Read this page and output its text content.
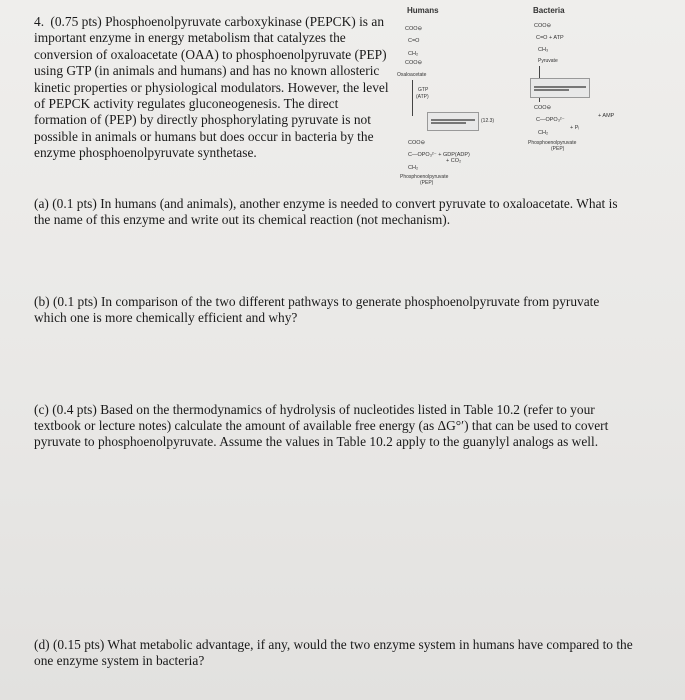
4. (0.75 pts) Phosphoenolpyruvate carboxykinase (PEPCK) is an important enzyme in energy metabolism that catalyzes the conversion of oxaloacetate (OAA) to phosphoenolpyruvate (PEP) using GTP (in animals and humans) and has no known allosteric kinetic properties or physiological modulators. However, the level of PEPCK activity regulates gluconeogenesis. The direct formation of (PEP) by directly phosphorylating pyruvate is not possible in animals or humans but does occur in bacteria by the enzyme phosphoenolpyruvate synthetase.
Humans
COO⊖
C=O
CH₂
COO⊖
Oxaloacetate
GTP
(ATP)
(12.3)
COO⊖
C—OPO₃²⁻ + GDP(ADP)
+ CO₂
CH₂
Phosphoenolpyruvate
(PEP)
Bacteria
COO⊖
C=O + ATP
CH₃
Pyruvate
COO⊖
C—OPO₃²⁻
+ AMP
+ Pᵢ
CH₂
Phosphoenolpyruvate
(PEP)
(a) (0.1 pts) In humans (and animals), another enzyme is needed to convert pyruvate to oxaloacetate. What is the name of this enzyme and write out its chemical reaction (not mechanism).
(b) (0.1 pts) In comparison of the two different pathways to generate phosphoenolpyruvate from pyruvate which one is more chemically efficient and why?
(c) (0.4 pts) Based on the thermodynamics of hydrolysis of nucleotides listed in Table 10.2 (refer to your textbook or lecture notes) calculate the amount of available free energy (as ΔG°′) that can be used to covert pyruvate to phosphoenolpyruvate. Assume the values in Table 10.2 apply to the guanylyl analogs as well.
(d) (0.15 pts) What metabolic advantage, if any, would the two enzyme system in humans have compared to the one enzyme system in bacteria?
